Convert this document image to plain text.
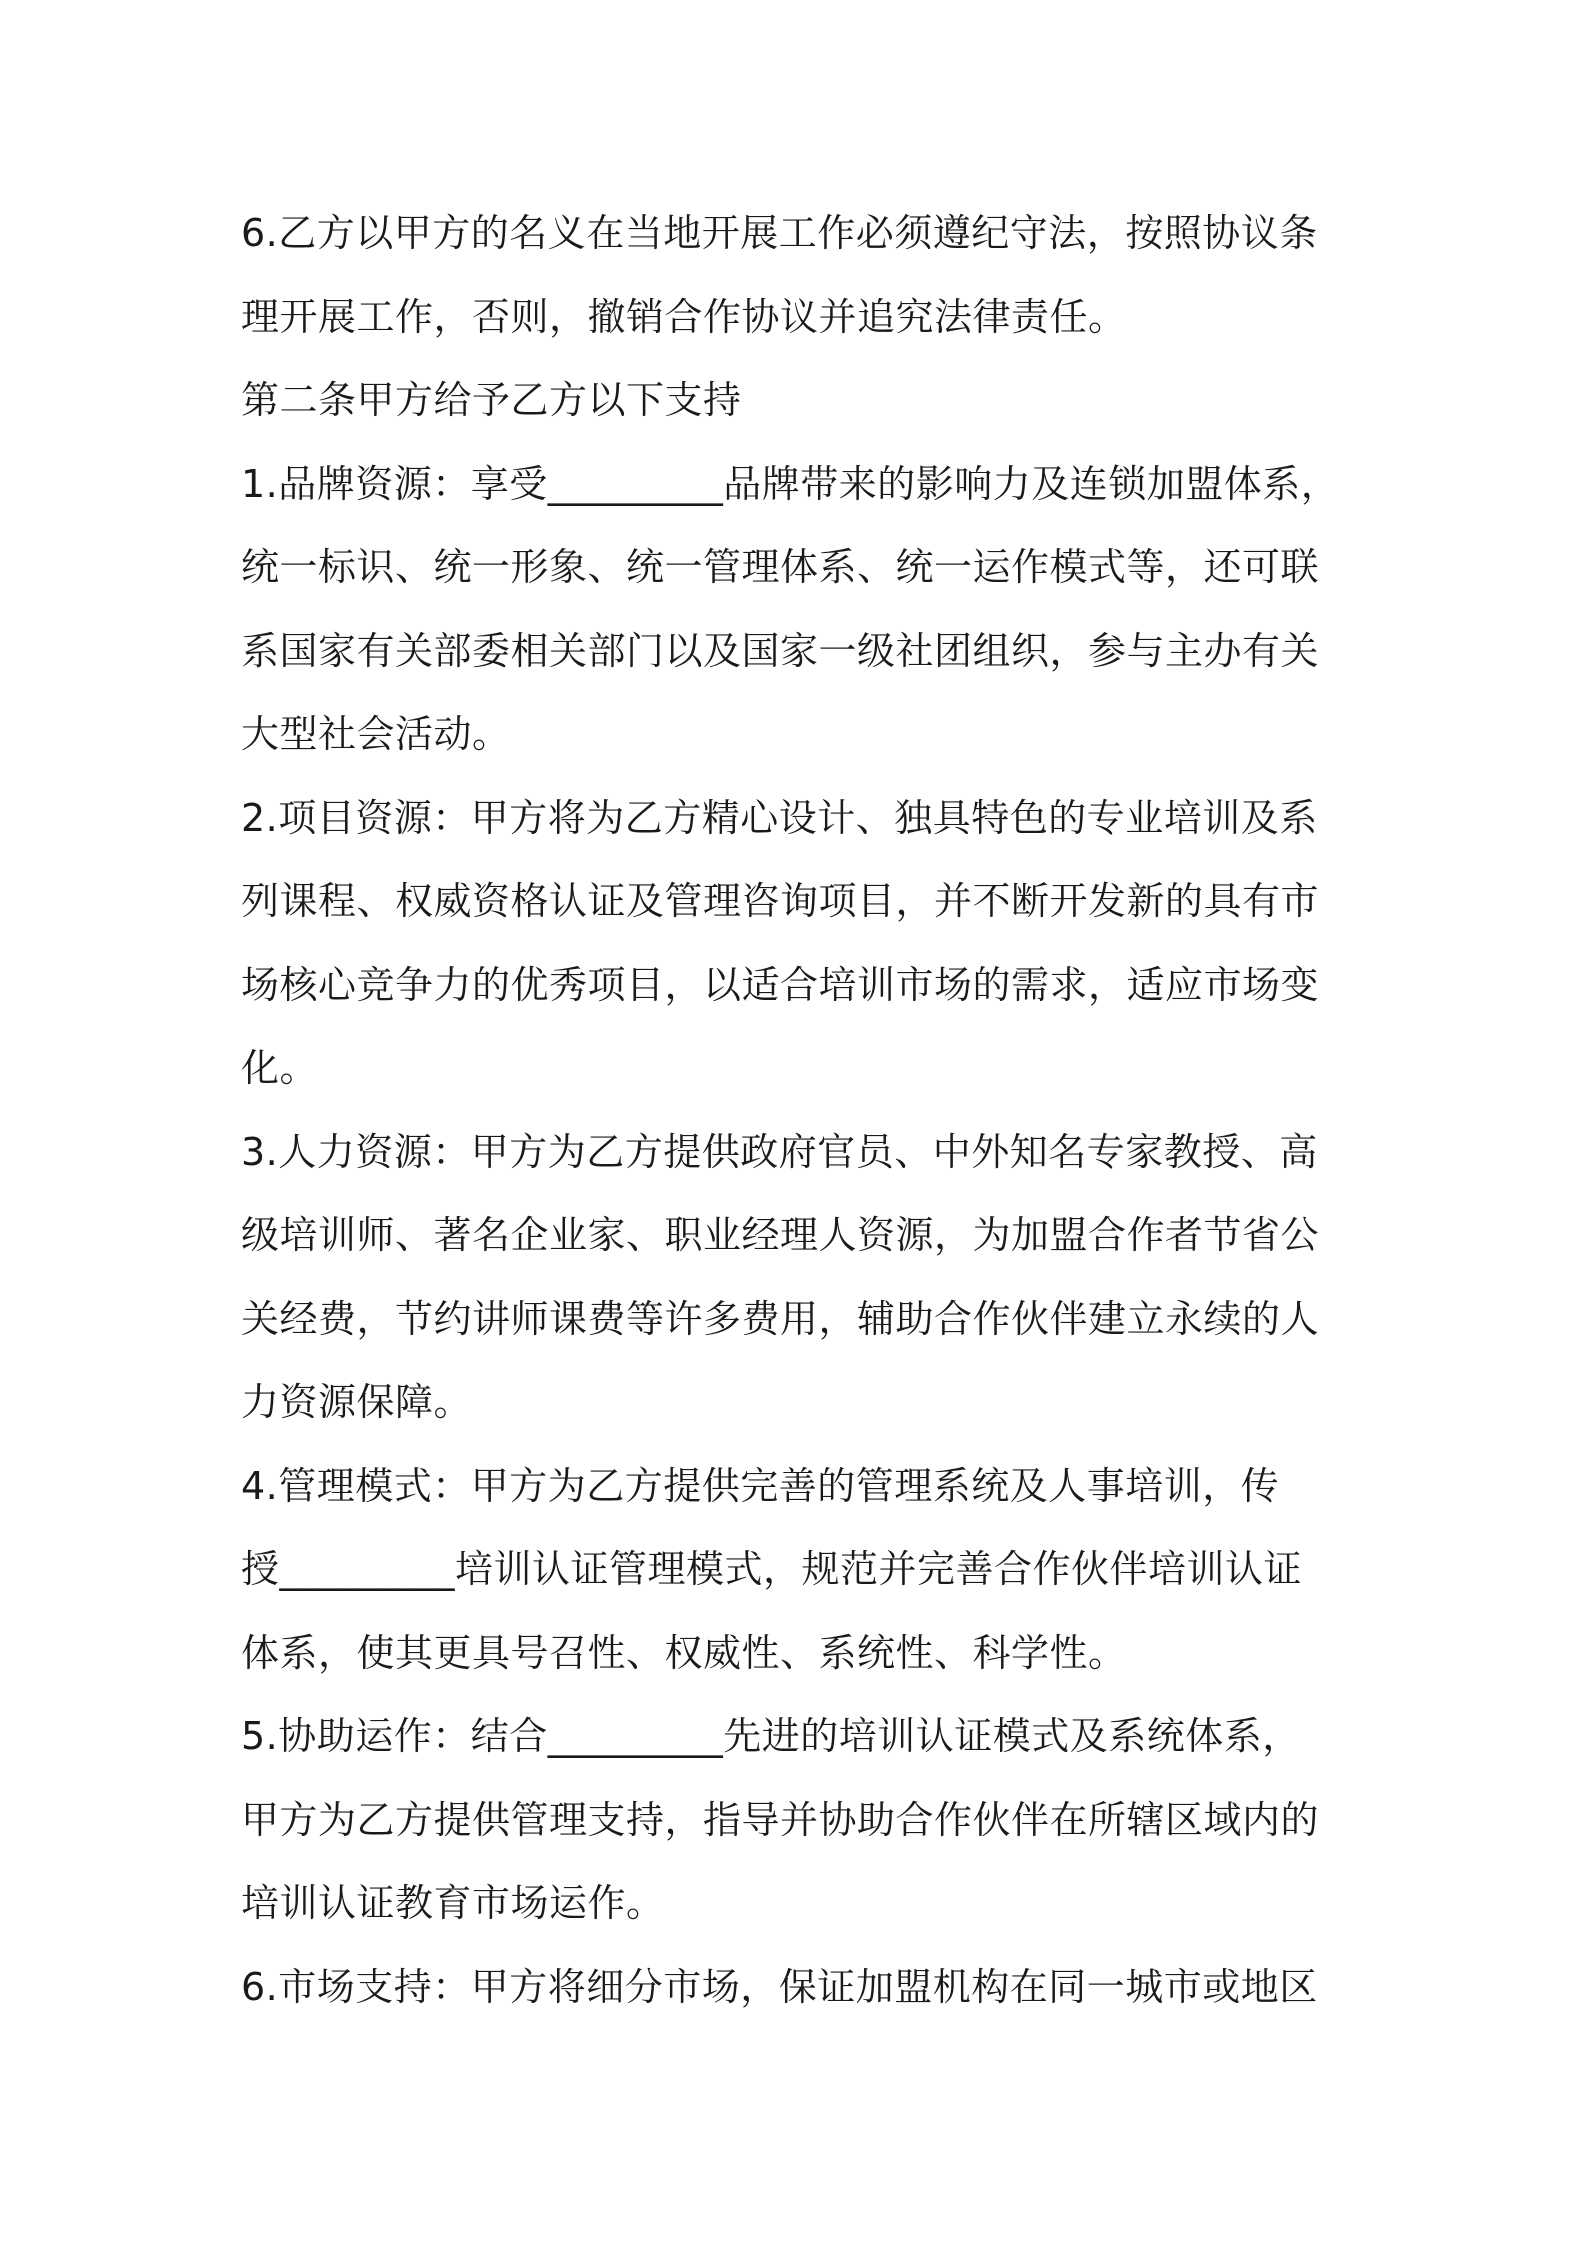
6.乙方以甲方的名义在当地开展工作必须遵纪守法，按照协议条
理开展工作，否则，撤销合作协议并追究法律责任。
第二条甲方给予乙方以下支持
1.品牌资源：享受_________品牌带来的影响力及连锁加盟体系，
统一标识、统一形象、统一管理体系、统一运作模式等，还可联
系国家有关部委相关部门以及国家一级社团组织，参与主办有关
大型社会活动。
2.项目资源：甲方将为乙方精心设计、独具特色的专业培训及系
列课程、权威资格认证及管理咨询项目，并不断开发新的具有市
场核心竞争力的优秀项目，以适合培训市场的需求，适应市场变
化。
3.人力资源：甲方为乙方提供政府官员、中外知名专家教授、高
级培训师、著名企业家、职业经理人资源，为加盟合作者节省公
关经费，节约讲师课费等许多费用，辅助合作伙伴建立永续的人
力资源保障。
4.管理模式：甲方为乙方提供完善的管理系统及人事培训，传
授_________培训认证管理模式，规范并完善合作伙伴培训认证
体系，使其更具号召性、权威性、系统性、科学性。
5.协助运作：结合_________先进的培训认证模式及系统体系，
甲方为乙方提供管理支持，指导并协助合作伙伴在所辖区域内的
培训认证教育市场运作。
6.市场支持：甲方将细分市场，保证加盟机构在同一城市或地区
